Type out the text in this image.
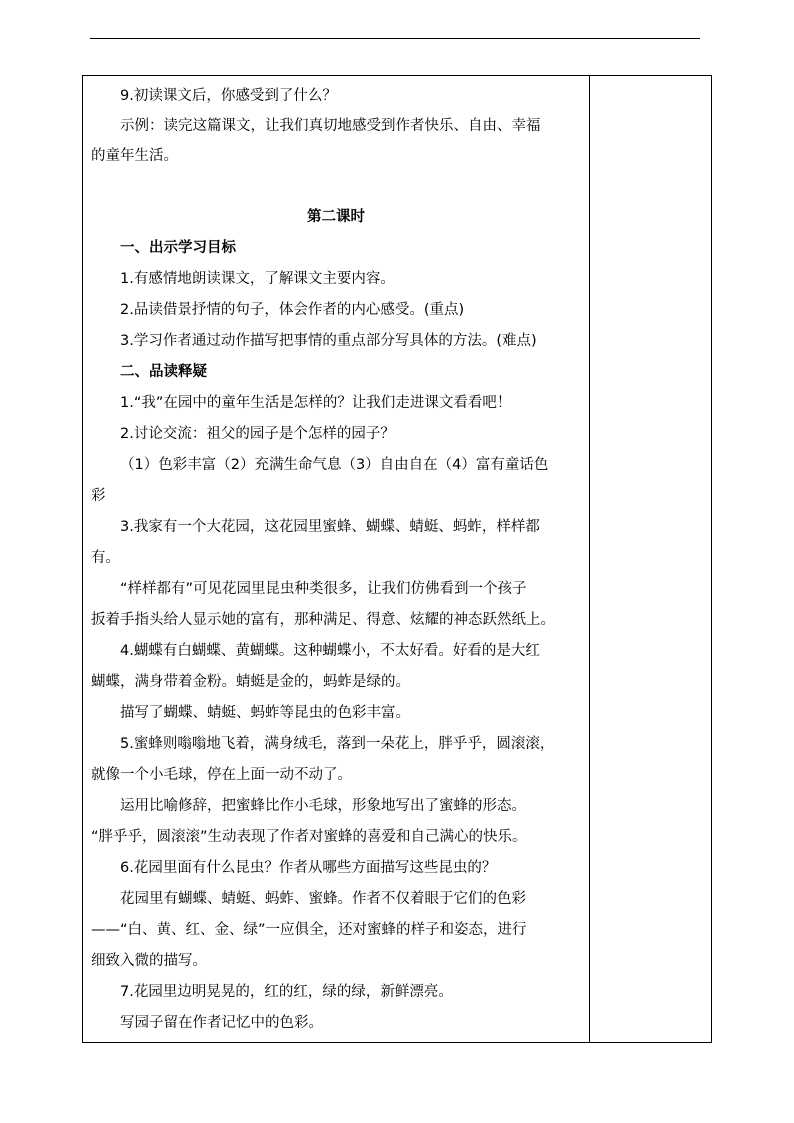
9.初读课文后，你感受到了什么？
示例：读完这篇课文，让我们真切地感受到作者快乐、自由、幸福
的童年生活。
第二课时
一、出示学习目标
1.有感情地朗读课文，了解课文主要内容。
2.品读借景抒情的句子，体会作者的内心感受。(重点)
3.学习作者通过动作描写把事情的重点部分写具体的方法。(难点)
二、品读释疑
1.“我”在园中的童年生活是怎样的？让我们走进课文看看吧！
2.讨论交流：祖父的园子是个怎样的园子？
（1）色彩丰富（2）充满生命气息（3）自由自在（4）富有童话色
彩
3.我家有一个大花园，这花园里蜜蜂、蝴蝶、蜻蜓、蚂蚱，样样都
有。
“样样都有”可见花园里昆虫种类很多，让我们仿佛看到一个孩子
扳着手指头给人显示她的富有，那种满足、得意、炫耀的神态跃然纸上。
4.蝴蝶有白蝴蝶、黄蝴蝶。这种蝴蝶小，不太好看。好看的是大红
蝴蝶，满身带着金粉。蜻蜓是金的，蚂蚱是绿的。
描写了蝴蝶、蜻蜓、蚂蚱等昆虫的色彩丰富。
5.蜜蜂则嗡嗡地飞着，满身绒毛，落到一朵花上，胖乎乎，圆滚滚，
就像一个小毛球，停在上面一动不动了。
运用比喻修辞，把蜜蜂比作小毛球，形象地写出了蜜蜂的形态。
“胖乎乎，圆滚滚”生动表现了作者对蜜蜂的喜爱和自己满心的快乐。
6.花园里面有什么昆虫？作者从哪些方面描写这些昆虫的？
花园里有蝴蝶、蜻蜓、蚂蚱、蜜蜂。作者不仅着眼于它们的色彩
——“白、黄、红、金、绿”一应俱全，还对蜜蜂的样子和姿态，进行
细致入微的描写。
7.花园里边明晃晃的，红的红，绿的绿，新鲜漂亮。
写园子留在作者记忆中的色彩。
